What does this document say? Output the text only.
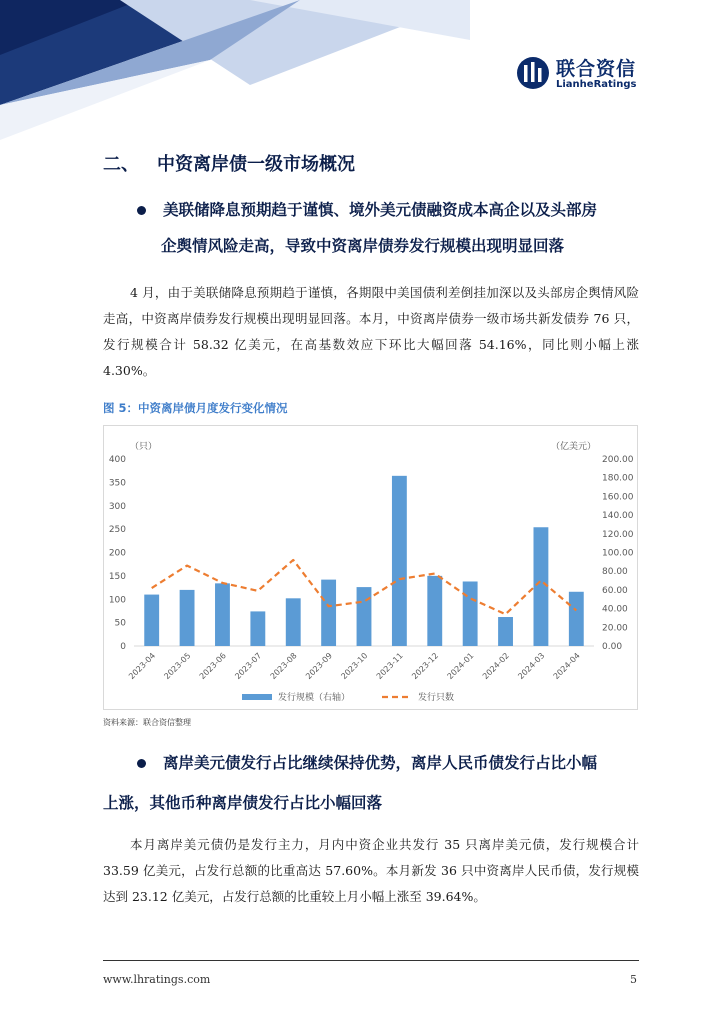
联合资信
LianheRatings
二、 中资离岸债一级市场概况
美联储降息预期趋于谨慎、境外美元债融资成本高企以及头部房
企舆情风险走高，导致中资离岸债券发行规模出现明显回落
4 月，由于美联储降息预期趋于谨慎，各期限中美国债利差倒挂加深以及头部房企舆情风险走高，中资离岸债券发行规模出现明显回落。本月，中资离岸债券一级市场共新发债券 76 只，发行规模合计 58.32 亿美元，在高基数效应下环比大幅回落 54.16%，同比则小幅上涨 4.30%。
图 5：中资离岸债月度发行变化情况
（只）	（亿美元）
0
50
100
150
200
250
300
350
400
0.00
20.00
40.00
60.00
80.00
100.00
120.00
140.00
160.00
180.00
200.00
2023-04 2023-05 2023-06 2023-07 2023-08 2023-09 2023-10 2023-11 2023-12 2024-01 2024-02 2024-03 2024-04
发行规模（右轴）	发行只数
资料来源：联合资信整理
离岸美元债发行占比继续保持优势，离岸人民币债发行占比小幅
上涨，其他币种离岸债发行占比小幅回落
本月离岸美元债仍是发行主力，月内中资企业共发行 35 只离岸美元债，发行规模合计 33.59 亿美元，占发行总额的比重高达 57.60%。本月新发 36 只中资离岸人民币债，发行规模达到 23.12 亿美元，占发行总额的比重较上月小幅上涨至 39.64%。
www.lhratings.com	5
